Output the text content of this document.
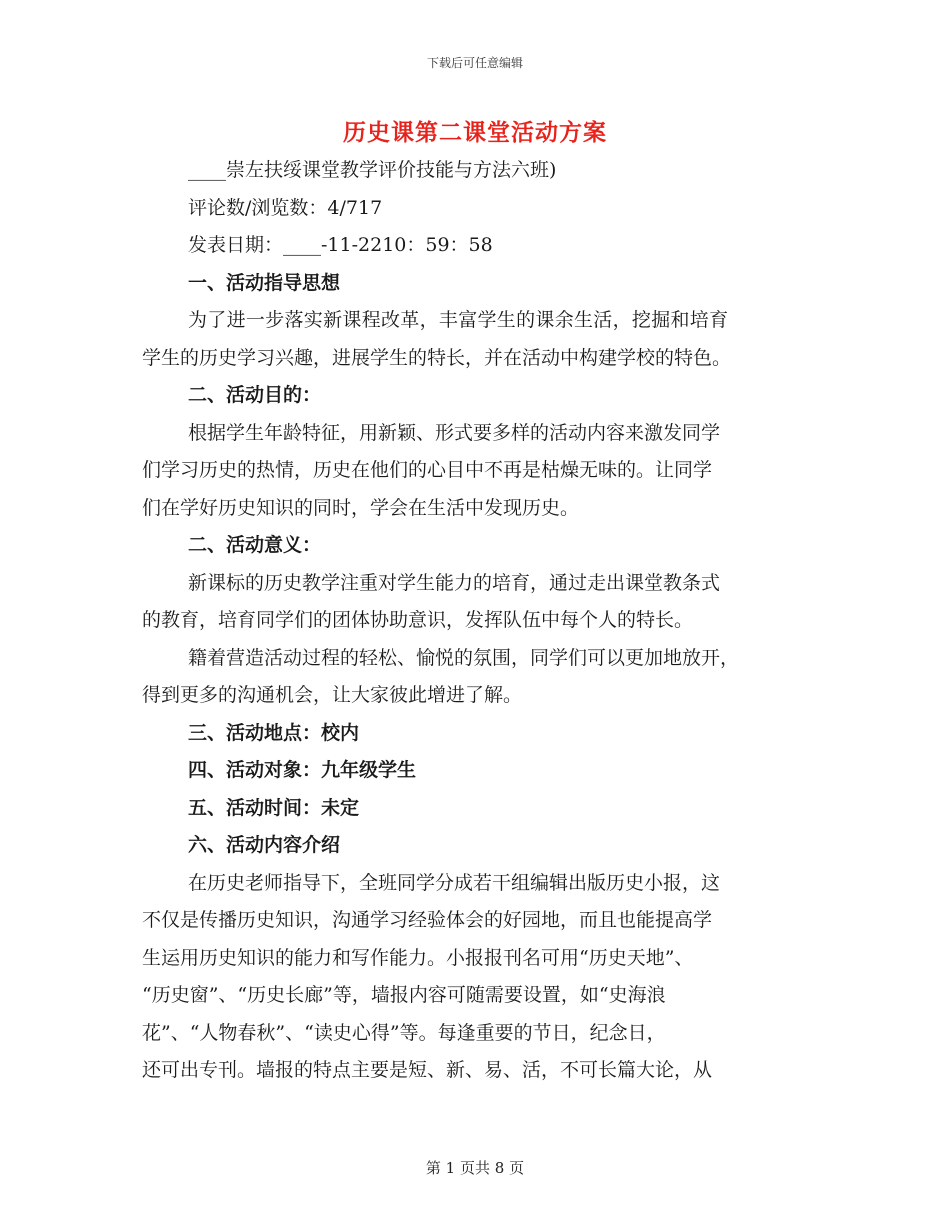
下载后可任意编辑
历史课第二课堂活动方案
____崇左扶绥课堂教学评价技能与方法六班)
评论数/浏览数：4/717
发表日期：____-11-2210：59：58
一、活动指导思想
为了进一步落实新课程改革，丰富学生的课余生活，挖掘和培育
学生的历史学习兴趣，进展学生的特长，并在活动中构建学校的特色。
二、活动目的：
根据学生年龄特征，用新颖、形式要多样的活动内容来激发同学
们学习历史的热情，历史在他们的心目中不再是枯燥无味的。让同学
们在学好历史知识的同时，学会在生活中发现历史。
二、活动意义：
新课标的历史教学注重对学生能力的培育，通过走出课堂教条式
的教育，培育同学们的团体协助意识，发挥队伍中每个人的特长。
籍着营造活动过程的轻松、愉悦的氛围，同学们可以更加地放开，
得到更多的沟通机会，让大家彼此增进了解。
三、活动地点：校内
四、活动对象：九年级学生
五、活动时间：未定
六、活动内容介绍
在历史老师指导下，全班同学分成若干组编辑出版历史小报，这
不仅是传播历史知识，沟通学习经验体会的好园地，而且也能提高学
生运用历史知识的能力和写作能力。小报报刊名可用“历史天地”、
“历史窗”、“历史长廊”等，墙报内容可随需要设置，如“史海浪
花”、“人物春秋”、“读史心得”等。每逢重要的节日，纪念日，
还可出专刊。墙报的特点主要是短、新、易、活，不可长篇大论，从
第 1 页共 8 页
